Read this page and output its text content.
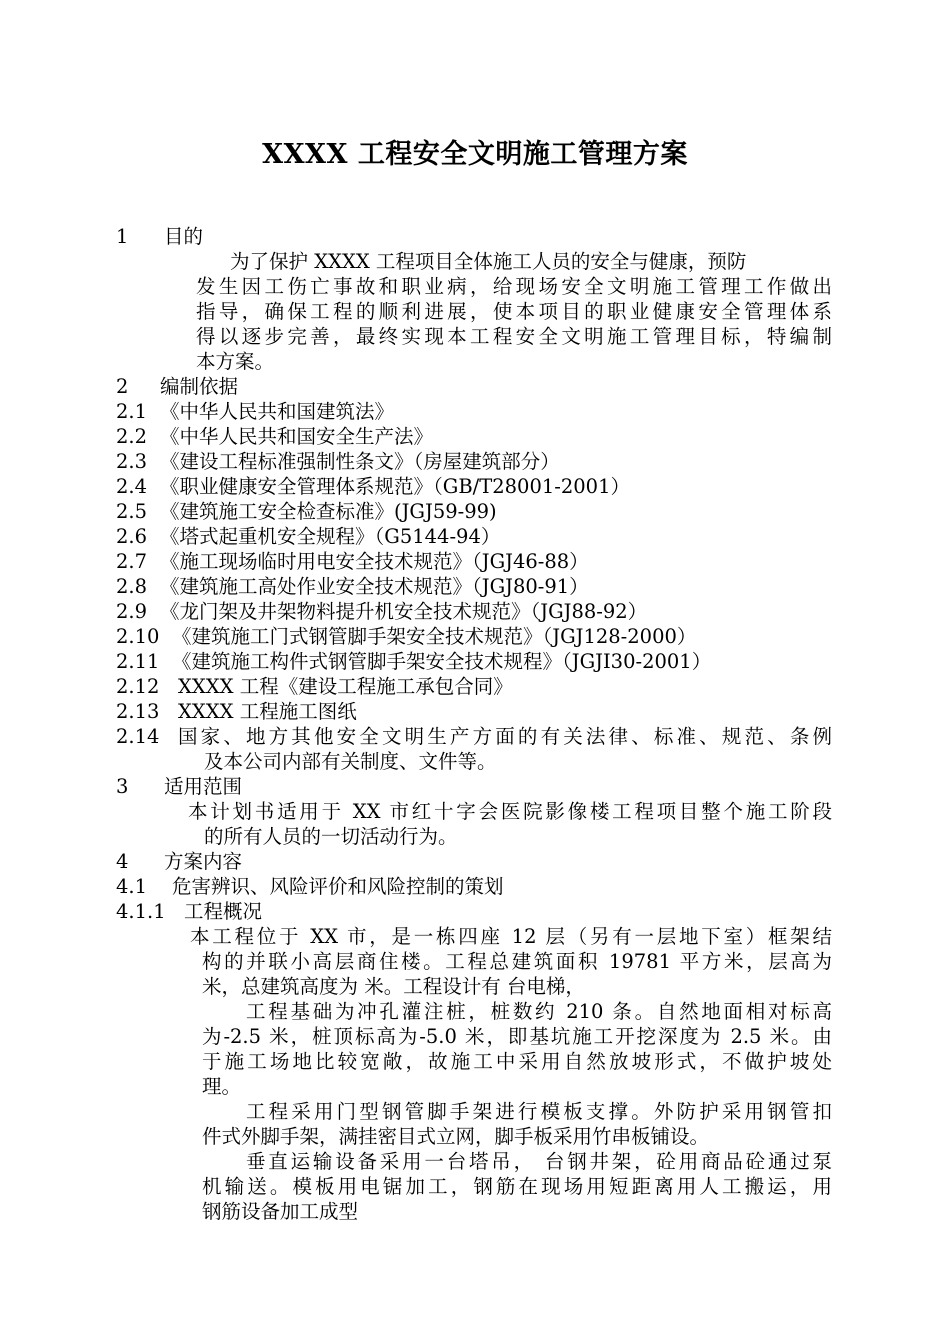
XXXX 工程安全文明施工管理方案
1 目的
为了保护 XXXX 工程项目全体施工人员的安全与健康，预防
发生因工伤亡事故和职业病，给现场安全文明施工管理工作做出
指导，确保工程的顺利进展，使本项目的职业健康安全管理体系
得以逐步完善，最终实现本工程安全文明施工管理目标，特编制
本方案。
2 编制依据
2.1 《中华人民共和国建筑法》
2.2 《中华人民共和国安全生产法》
2.3 《建设工程标准强制性条文》（房屋建筑部分）
2.4 《职业健康安全管理体系规范》（GB/T28001-2001）
2.5 《建筑施工安全检查标准》(JGJ59-99)
2.6 《塔式起重机安全规程》（G5144-94）
2.7 《施工现场临时用电安全技术规范》（JGJ46-88）
2.8 《建筑施工高处作业安全技术规范》（JGJ80-91）
2.9 《龙门架及井架物料提升机安全技术规范》（JGJ88-92）
2.10 《建筑施工门式钢管脚手架安全技术规范》（JGJ128-2000）
2.11 《建筑施工构件式钢管脚手架安全技术规程》（JGJI30-2001）
2.12 XXXX 工程《建设工程施工承包合同》
2.13 XXXX 工程施工图纸
2.14 国家、地方其他安全文明生产方面的有关法律、标准、规范、条例
及本公司内部有关制度、文件等。
3 适用范围
本计划书适用于 XX 市红十字会医院影像楼工程项目整个施工阶段
的所有人员的一切活动行为。
4 方案内容
4.1 危害辨识、风险评价和风险控制的策划
4.1.1 工程概况
本工程位于 XX 市，是一栋四座 12 层（另有一层地下室）框架结
构的并联小高层商住楼。工程总建筑面积 19781 平方米，层高为
米，总建筑高度为 米。工程设计有 台电梯，
工程基础为冲孔灌注桩，桩数约 210 条。自然地面相对标高
为-2.5 米，桩顶标高为-5.0 米，即基坑施工开挖深度为 2.5 米。由
于施工场地比较宽敞，故施工中采用自然放坡形式，不做护坡处
理。
工程采用门型钢管脚手架进行模板支撑。外防护采用钢管扣
件式外脚手架，满挂密目式立网，脚手板采用竹串板铺设。
垂直运输设备采用一台塔吊， 台钢井架，砼用商品砼通过泵
机输送。模板用电锯加工，钢筋在现场用短距离用人工搬运，用
钢筋设备加工成型
